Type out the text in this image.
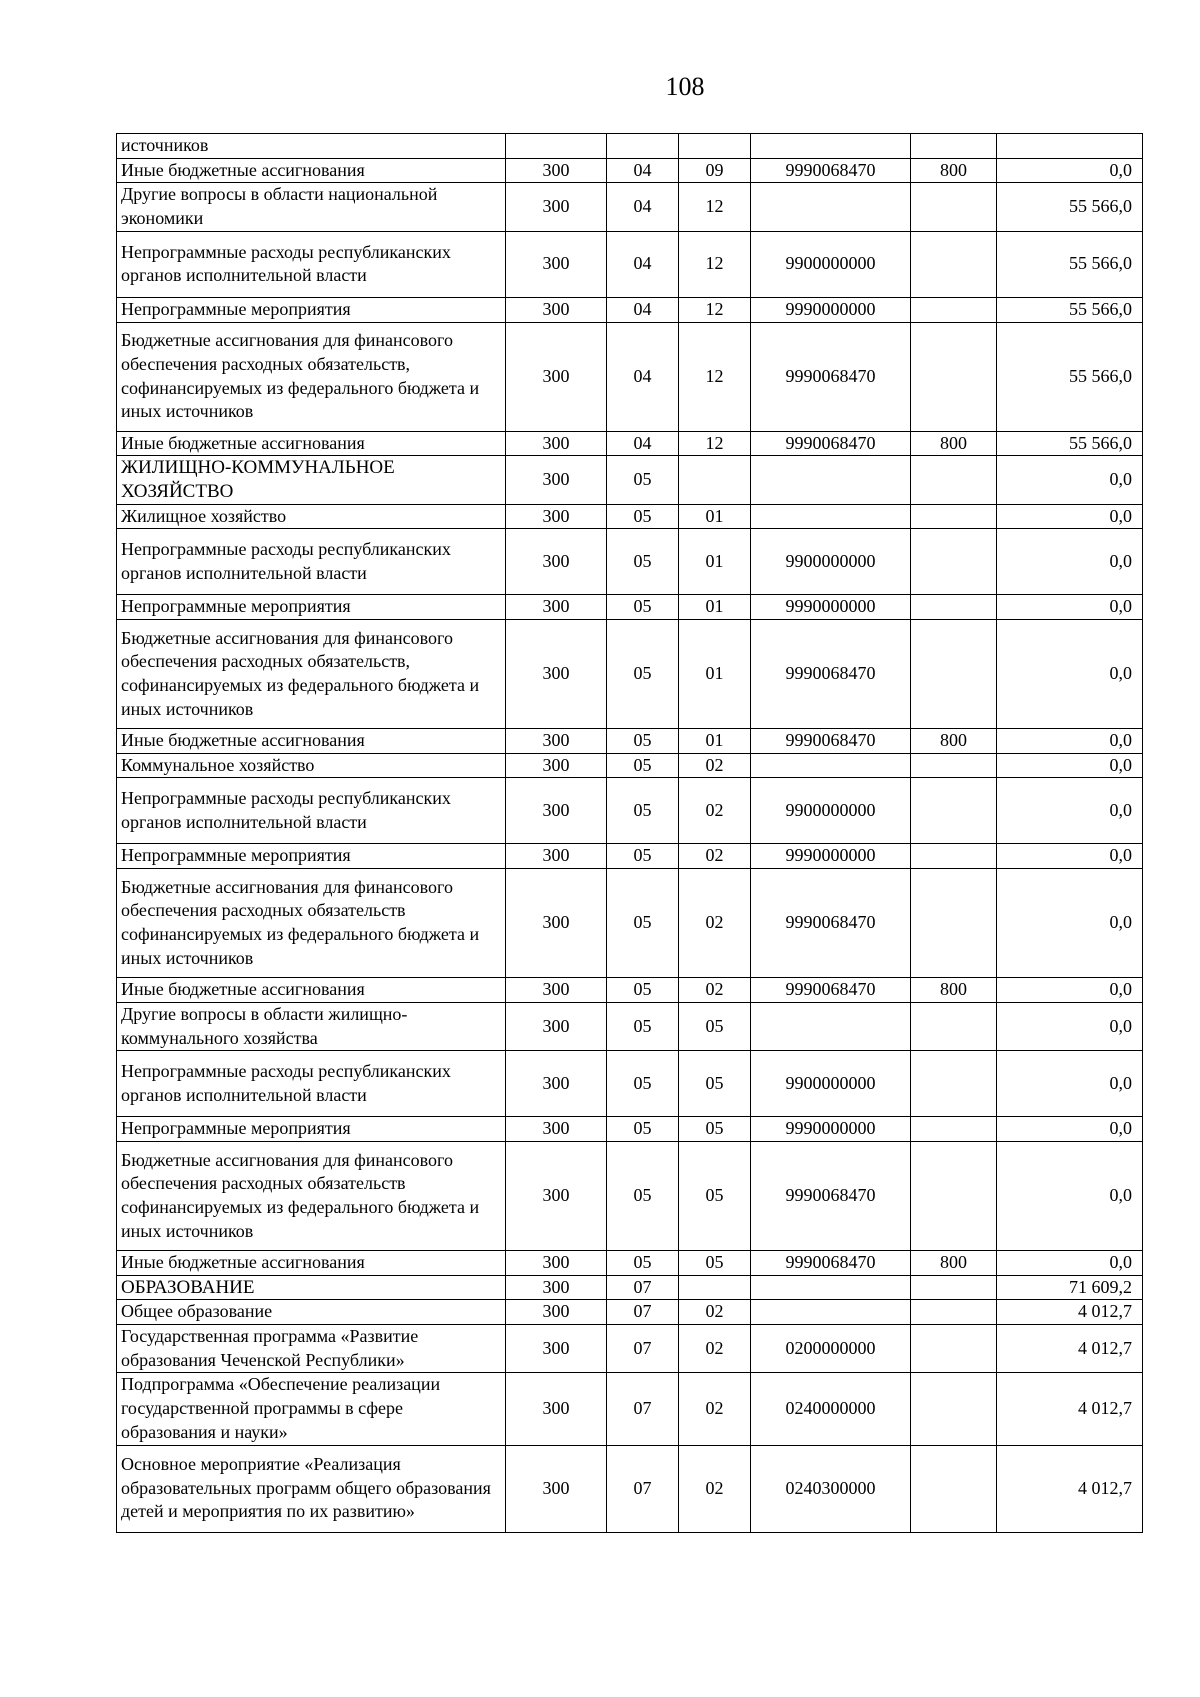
108
источников						
Иные бюджетные ассигнования	300	04	09	9990068470	800	0,0
Другие вопросы в области национальной экономики	300	04	12			55 566,0
Непрограммные расходы республиканских органов исполнительной власти	300	04	12	9900000000		55 566,0
Непрограммные мероприятия	300	04	12	9990000000		55 566,0
Бюджетные ассигнования для финансового обеспечения расходных обязательств, софинансируемых из федерального бюджета и иных источников	300	04	12	9990068470		55 566,0
Иные бюджетные ассигнования	300	04	12	9990068470	800	55 566,0
ЖИЛИЩНО-КОММУНАЛЬНОЕ ХОЗЯЙСТВО	300	05				0,0
Жилищное хозяйство	300	05	01			0,0
Непрограммные расходы республиканских органов исполнительной власти	300	05	01	9900000000		0,0
Непрограммные мероприятия	300	05	01	9990000000		0,0
Бюджетные ассигнования для финансового обеспечения расходных обязательств, софинансируемых из федерального бюджета и иных источников	300	05	01	9990068470		0,0
Иные бюджетные ассигнования	300	05	01	9990068470	800	0,0
Коммунальное хозяйство	300	05	02			0,0
Непрограммные расходы республиканских органов исполнительной власти	300	05	02	9900000000		0,0
Непрограммные мероприятия	300	05	02	9990000000		0,0
Бюджетные ассигнования для финансового обеспечения расходных обязательств софинансируемых из федерального бюджета и иных источников	300	05	02	9990068470		0,0
Иные бюджетные ассигнования	300	05	02	9990068470	800	0,0
Другие вопросы в области жилищно-коммунального хозяйства	300	05	05			0,0
Непрограммные расходы республиканских органов исполнительной власти	300	05	05	9900000000		0,0
Непрограммные мероприятия	300	05	05	9990000000		0,0
Бюджетные ассигнования для финансового обеспечения расходных обязательств софинансируемых из федерального бюджета и иных источников	300	05	05	9990068470		0,0
Иные бюджетные ассигнования	300	05	05	9990068470	800	0,0
ОБРАЗОВАНИЕ	300	07				71 609,2
Общее образование	300	07	02			4 012,7
Государственная программа «Развитие образования Чеченской Республики»	300	07	02	0200000000		4 012,7
Подпрограмма «Обеспечение реализации государственной программы в сфере образования и науки»	300	07	02	0240000000		4 012,7
Основное мероприятие «Реализация образовательных программ общего образования детей и мероприятия по их развитию»	300	07	02	0240300000		4 012,7
